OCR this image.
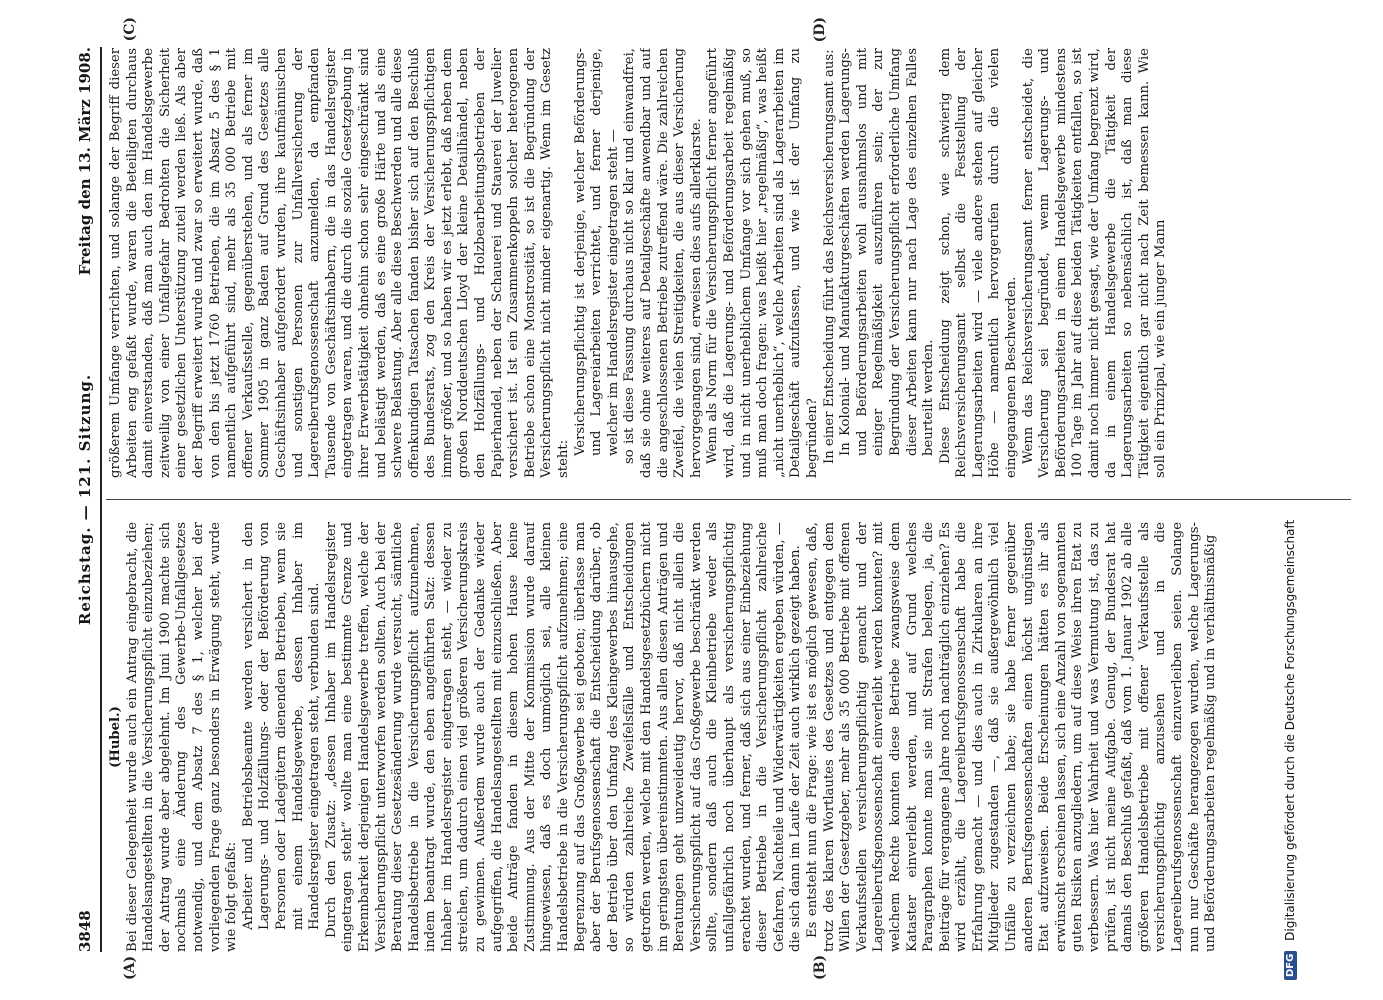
3848
Reichstag. — 121. Sitzung.
Freitag den 13. März 1908.
(A)	(B)
(C)	(D)

(Hubel.) Bei dieser Gelegenheit wurde auch ein Antrag eingebracht, die Handelsangestellten in die Versicherungspflicht einzubeziehen; der Antrag wurde aber abgelehnt. Im Juni 1900 machte sich nochmals eine Änderung des Gewerbe-Unfallgesetzes notwendig, und dem Absatz 7 des § 1, welcher bei der vorliegenden Frage ganz besonders in Erwägung steht, wurde wie folgt gefaßt: Arbeiter und Betriebsbeamte werden versichert in den Lagerungs- und Holzfällungs- oder der Beförderung von Personen oder Ladegütern dienenden Betrieben, wenn sie mit einem Handelsgewerbe, dessen Inhaber im Handelsregister eingetragen steht, verbunden sind. Durch den Zusatz: „dessen Inhaber im Handelsregister eingetragen steht“ wollte man eine bestimmte Grenze und Erkennbarkeit derjenigen Handelsgewerbe treffen, welche der Versicherungspflicht unterworfen werden sollten. Auch bei der Beratung dieser Gesetzesänderung wurde versucht, sämtliche Handelsbetriebe in die Versicherungspflicht aufzunehmen, indem beantragt wurde, den eben angeführten Satz: dessen Inhaber im Handelsregister eingetragen steht, — wieder zu streichen, um dadurch einen viel größeren Versicherungskreis zu gewinnen. Außerdem wurde auch der Gedanke wieder aufgegriffen, die Handelsangestellten mit einzuschließen. Aber beide Anträge fanden in diesem hohen Hause keine Zustimmung. Aus der Mitte der Kommission wurde darauf hingewiesen, daß es doch unmöglich sei, alle kleinen Handelsbetriebe in die Versicherungspflicht aufzunehmen; eine Begrenzung auf das Großgewerbe sei geboten; überlasse man aber der Berufsgenossenschaft die Entscheidung darüber, ob der Betrieb über den Umfang des Kleingewerbes hinausgehe, so würden zahlreiche Zweifelsfälle und Entscheidungen getroffen werden, welche mit den Handelsgesetzbüchern nicht im geringsten übereinstimmten. Aus allen diesen Anträgen und Beratungen geht unzweideutig hervor, daß nicht allein die Versicherungspflicht auf das Großgewerbe beschränkt werden sollte, sondern daß auch die Kleinbetriebe weder als unfallgefährlich noch überhaupt als versicherungspflichtig erachtet wurden, und ferner, daß sich aus einer Einbeziehung dieser Betriebe in die Versicherungspflicht zahlreiche Gefahren, Nachteile und Widerwärtigkeiten ergeben würden, — die sich dann im Laufe der Zeit auch wirklich gezeigt haben. Es entsteht nun die Frage: wie ist es möglich gewesen, daß, trotz des klaren Wortlautes des Gesetzes und entgegen dem Willen der Gesetzgeber, mehr als 35 000 Betriebe mit offenen Verkaufsstellen versicherungspflichtig gemacht und der Lagereiberufsgenossenschaft einverleibt werden konnten? mit welchem Rechte konnten diese Betriebe zwangsweise dem Kataster einverleibt werden, und auf Grund welches Paragraphen konnte man sie mit Strafen belegen, ja, die Beiträge für vergangene Jahre noch nachträglich einziehen? Es wird erzählt, die Lagereiberufsgenossenschaft habe die Erfahrung gemacht — und dies auch in Zirkularen an ihre Mitglieder zugestanden —, daß sie außergewöhnlich viel Unfälle zu verzeichnen habe; sie habe ferner gegenüber anderen Berufsgenossenschaften einen höchst ungünstigen Etat aufzuweisen. Beide Erscheinungen hätten es ihr als erwünscht erscheinen lassen, sich eine Anzahl von sogenannten guten Risiken anzugliedern, um auf diese Weise ihren Etat zu verbessern. Was hier Wahrheit und was Vermutung ist, das zu prüfen, ist nicht meine Aufgabe. Genug, der Bundesrat hat damals den Beschluß gefaßt, daß vom 1. Januar 1902 ab alle größeren Handelsbetriebe mit offener Verkaufsstelle als versicherungspflichtig anzusehen und in die Lagereiberufsgenossenschaft einzuverleiben seien. Solange nun nur Geschäfte herangezogen wurden, welche Lagerungs- und Beförderungsarbeiten regelmäßig und in verhältnismäßig

größerem Umfange verrichten, und solange der Begriff dieser Arbeiten eng gefaßt wurde, waren die Beteiligten durchaus damit einverstanden, daß man auch den im Handelsgewerbe zeitweilig von einer Unfallgefahr Bedrohten die Sicherheit einer gesetzlichen Unterstützung zuteil werden ließ. Als aber der Begriff erweitert wurde und zwar so erweitert wurde, daß von den bis jetzt 1760 Betrieben, die im Absatz 5 des § 1 namentlich aufgeführt sind, mehr als 35 000 Betriebe mit offener Verkaufsstelle, gegenüberstehen, und als ferner im Sommer 1905 in ganz Baden auf Grund des Gesetzes alle Geschäftsinhaber aufgefordert wurden, ihre kaufmännischen und sonstigen Personen zur Unfallversicherung der Lagereiberufsgenossenschaft anzumelden, da empfanden Tausende von Geschäftsinhabern, die in das Handelsregister eingetragen waren, und die durch die soziale Gesetzgebung in ihrer Erwerbstätigkeit ohnehin schon sehr eingeschränkt sind und belästigt werden, daß es eine große Härte und als eine schwere Belastung. Aber alle diese Beschwerden und alle diese offenkundigen Tatsachen fanden bisher sich auf den Beschluß des Bundesrats, zog den Kreis der Versicherungspflichtigen immer größer, und so haben wir es jetzt erlebt, daß neben dem großen Norddeutschen Lloyd der kleine Detailhändel, neben den Holzfällungs- und Holzbearbeitungsbetrieben der Papierhandel, neben der Schauerei und Stauerei der Juwelier versichert ist. Ist ein Zusammenkoppeln solcher heterogenen Betriebe schon eine Monstrosität, so ist die Begründung der Versicherungspflicht nicht minder eigenartig. Wenn im Gesetz steht:

Versicherungspflichtig ist derjenige, welcher Beförderungs- und Lagereiarbeiten verrichtet, und ferner derjenige, welcher im Handelsregister eingetragen steht — so ist diese Fassung durchaus nicht so klar und einwandfrei, daß sie ohne weiteres auf Detailgeschäfte anwendbar und auf die angeschlossenen Betriebe zutreffend wäre. Die zahlreichen Zweifel, die vielen Streitigkeiten, die aus dieser Versicherung hervorgegangen sind, erweisen dies aufs allerklarste. Wenn als Norm für die Versicherungspflicht ferner angeführt wird, daß die Lagerungs- und Beförderungsarbeit regelmäßig und in nicht unerheblichem Umfange vor sich gehen muß, so muß man doch fragen: was heißt hier „regelmäßig“, was heißt „nicht unerheblich“, welche Arbeiten sind als Lagerarbeiten im Detailgeschäft aufzufassen, und wie ist der Umfang zu begründen? In einer Entscheidung führt das Reichsversicherungsamt aus: In Kolonial- und Manufakturgeschäften werden Lagerungs- und Beförderungsarbeiten wohl ausnahmslos und mit einiger Regelmäßigkeit auszuführen sein; der zur Begründung der Versicherungspflicht erforderliche Umfang dieser Arbeiten kann nur nach Lage des einzelnen Falles beurteilt werden. Diese Entscheidung zeigt schon, wie schwierig dem Reichsversicherungsamt selbst die Feststellung der Lagerungsarbeiten wird — viele andere stehen auf gleicher Höhe — namentlich hervorgerufen durch die vielen eingegangenen Beschwerden. Wenn das Reichsversicherungsamt ferner entscheidet, die Versicherung sei begründet, wenn Lagerungs- und Beförderungsarbeiten in einem Handelsgewerbe mindestens 100 Tage im Jahr auf diese beiden Tätigkeiten entfallen, so ist damit noch immer nicht gesagt, wie der Umfang begrenzt wird, da in einem Handelsgewerbe die Tätigkeit der Lagerungsarbeiten so nebensächlich ist, daß man diese Tätigkeit eigentlich gar nicht nach Zeit bemessen kann. Wie soll ein Prinzipal, wie ein junger Mann

DFG Digitalisierung gefördert durch die Deutsche Forschungsgemeinschaft
